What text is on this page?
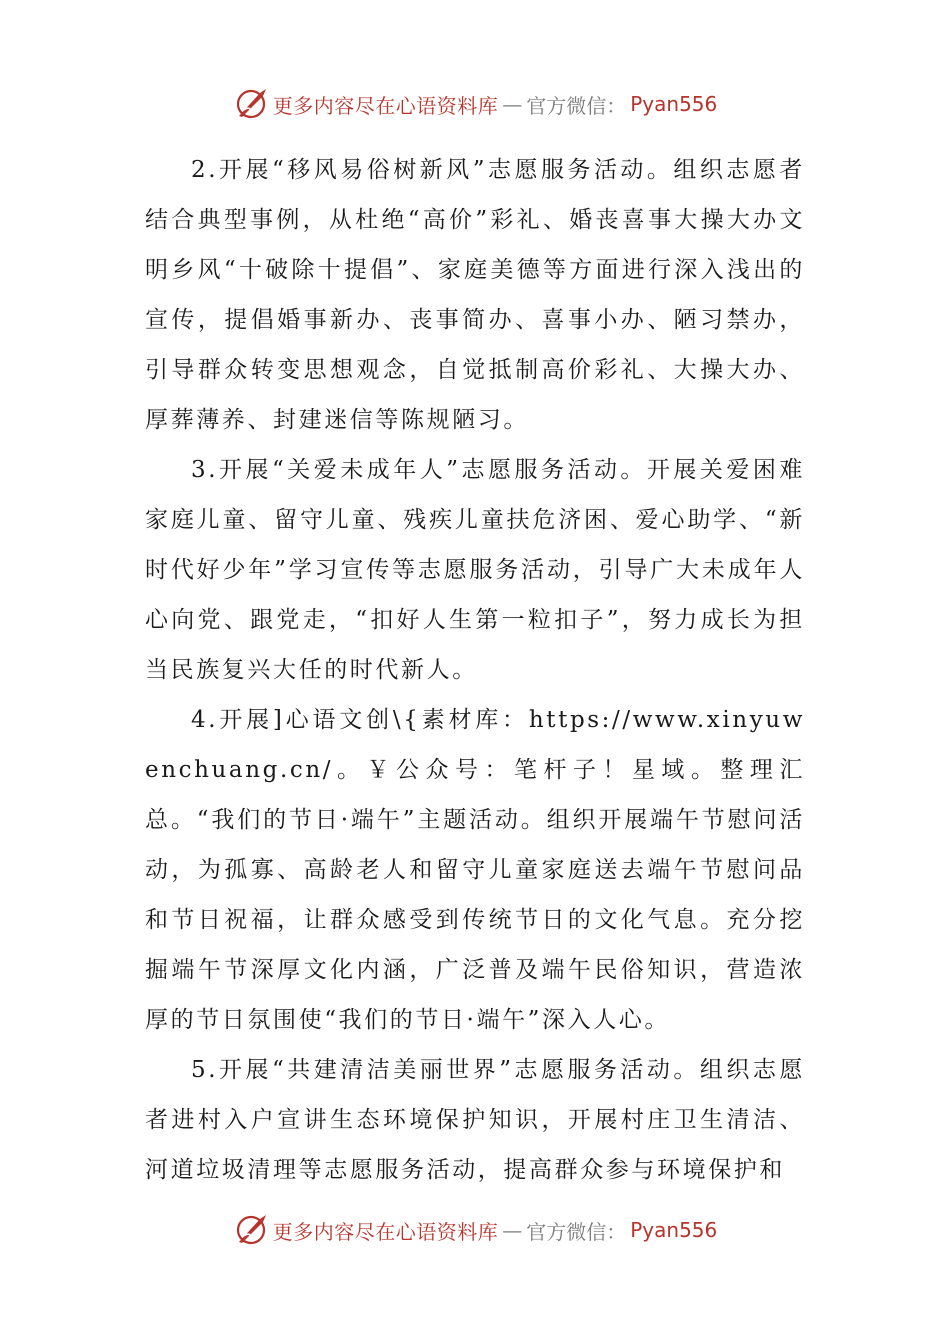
更多内容尽在心语资料库 — 官方微信： Pyan556

2.开展“移风易俗树新风”志愿服务活动。组织志愿者结合典型事例，从杜绝“高价”彩礼、婚丧喜事大操大办文明乡风“十破除十提倡”、家庭美德等方面进行深入浅出的宣传，提倡婚事新办、丧事简办、喜事小办、陋习禁办，引导群众转变思想观念，自觉抵制高价彩礼、大操大办、厚葬薄养、封建迷信等陈规陋习。

3.开展“关爱未成年人”志愿服务活动。开展关爱困难家庭儿童、留守儿童、残疾儿童扶危济困、爱心助学、“新时代好少年”学习宣传等志愿服务活动，引导广大未成年人心向党、跟党走，“扣好人生第一粒扣子”，努力成长为担当民族复兴大任的时代新人。

4.开展]心语文创\{素材库：https://www.xinyuwenchuang.cn/。￥公众号：笔杆子！星域。整理汇总。“我们的节日·端午”主题活动。组织开展端午节慰问活动，为孤寡、高龄老人和留守儿童家庭送去端午节慰问品和节日祝福，让群众感受到传统节日的文化气息。充分挖掘端午节深厚文化内涵，广泛普及端午民俗知识，营造浓厚的节日氛围使“我们的节日·端午”深入人心。

5.开展“共建清洁美丽世界”志愿服务活动。组织志愿者进村入户宣讲生态环境保护知识，开展村庄卫生清洁、河道垃圾清理等志愿服务活动，提高群众参与环境保护和

更多内容尽在心语资料库 — 官方微信： Pyan556
